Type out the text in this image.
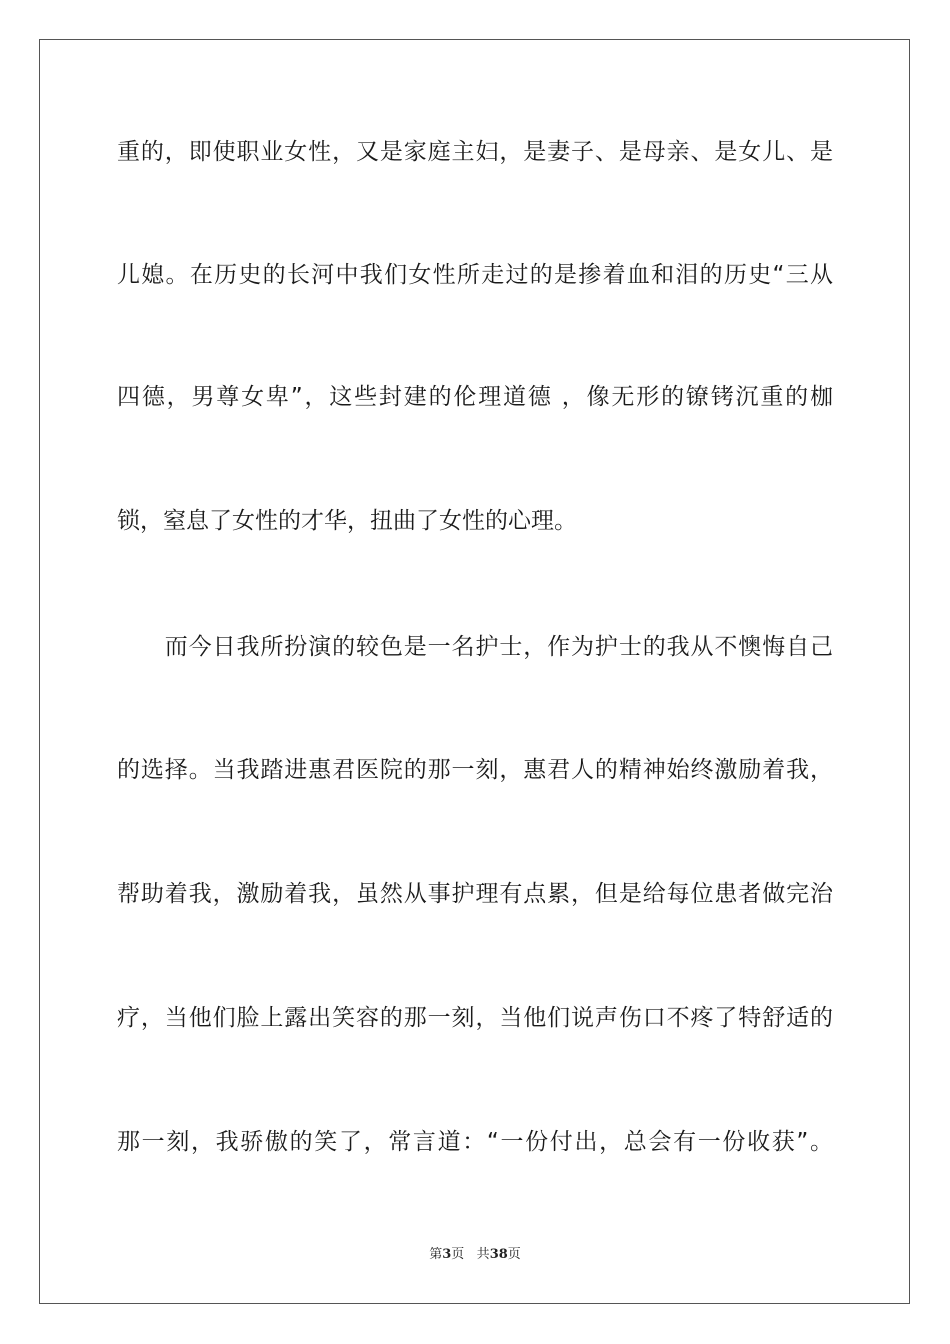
重的，即使职业女性，又是家庭主妇，是妻子、是母亲、是女儿、是
儿媳。在历史的长河中我们女性所走过的是掺着血和泪的历史“三从
四德，男尊女卑”，这些封建的伦理道德 ，像无形的镣铐沉重的枷
锁，窒息了女性的才华，扭曲了女性的心理。
　　而今日我所扮演的较色是一名护士，作为护士的我从不懊悔自己
的选择。当我踏进惠君医院的那一刻，惠君人的精神始终激励着我，
帮助着我，激励着我，虽然从事护理有点累，但是给每位患者做完治
疗，当他们脸上露出笑容的那一刻，当他们说声伤口不疼了特舒适的
那一刻，我骄傲的笑了，常言道：“一份付出，总会有一份收获”。
第3页 共38页
